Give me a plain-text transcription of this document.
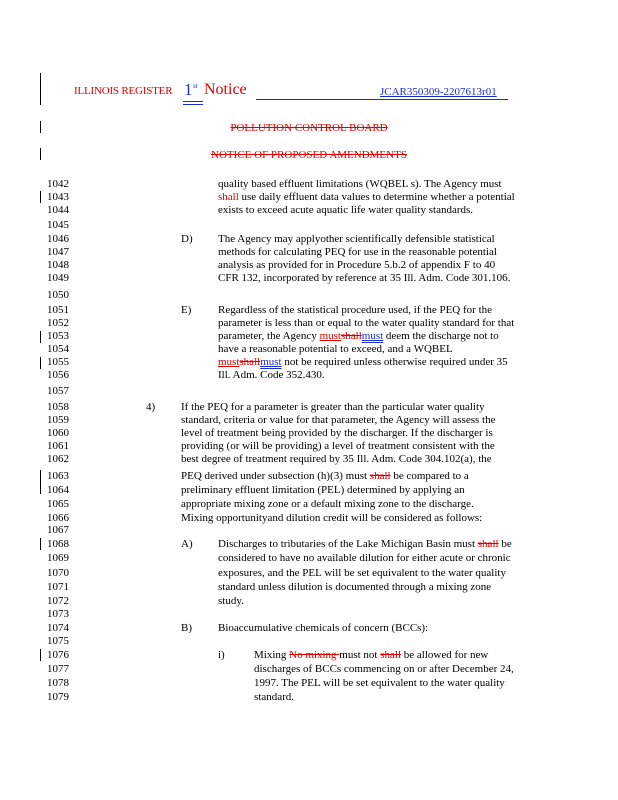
ILLINOIS REGISTER 1 st Notice	JCAR350309-2207613r01
POLLUTION CONTROL BOARD
NOTICE OF PROPOSED AMENDMENTS
1042
1043
1044
1045
1046
1047
1048
1049
1050
1051
1052
1053
1054
1055
1056
1057
1058
1059
1060
1061
1062
1063
1064
1065
1066
1067
1068
1069
1070
1071
1072
1073
1074
1075
1076
1077
1078
1079
quality based effluent limitations (WQBEL s). The Agency must
shall use daily effluent data values to determine whether a potential
exists to exceed acute aquatic life water quality standards.
D) The Agency may applyother scientifically defensible statistical
methods for calculating PEQ for use in the reasonable potential
analysis as provided for in Procedure 5.b.2 of appendix F to 40
CFR 132, incorporated by reference at 35 Ill. Adm. Code 301.106.
E) Regardless of the statistical procedure used, if the PEQ for the
parameter is less than or equal to the water quality standard for that
parameter, the Agency mustshallmust deem the discharge not to
have a reasonable potential to exceed, and a WQBEL
mustshallmust not be required unless otherwise required under 35
Ill. Adm. Code 352.430.
4) If the PEQ for a parameter is greater than the particular water quality
standard, criteria or value for that parameter, the Agency will assess the
level of treatment being provided by the discharger. If the discharger is
providing (or will be providing) a level of treatment consistent with the
best degree of treatment required by 35 Ill. Adm. Code 304.102(a), the
PEQ derived under subsection (h)(3) must shall be compared to a
preliminary effluent limitation (PEL) determined by applying an
appropriate mixing zone or a default mixing zone to the discharge.
Mixing opportunityand dilution credit will be considered as follows:
A) Discharges to tributaries of the Lake Michigan Basin must shall be
considered to have no available dilution for either acute or chronic
exposures, and the PEL will be set equivalent to the water quality
standard unless dilution is documented through a mixing zone
study.
B) Bioaccumulative chemicals of concern (BCCs):
i)	Mixing No mixing must not shall be allowed for new
discharges of BCCs commencing on or after December 24,
1997. The PEL will be set equivalent to the water quality
standard.
